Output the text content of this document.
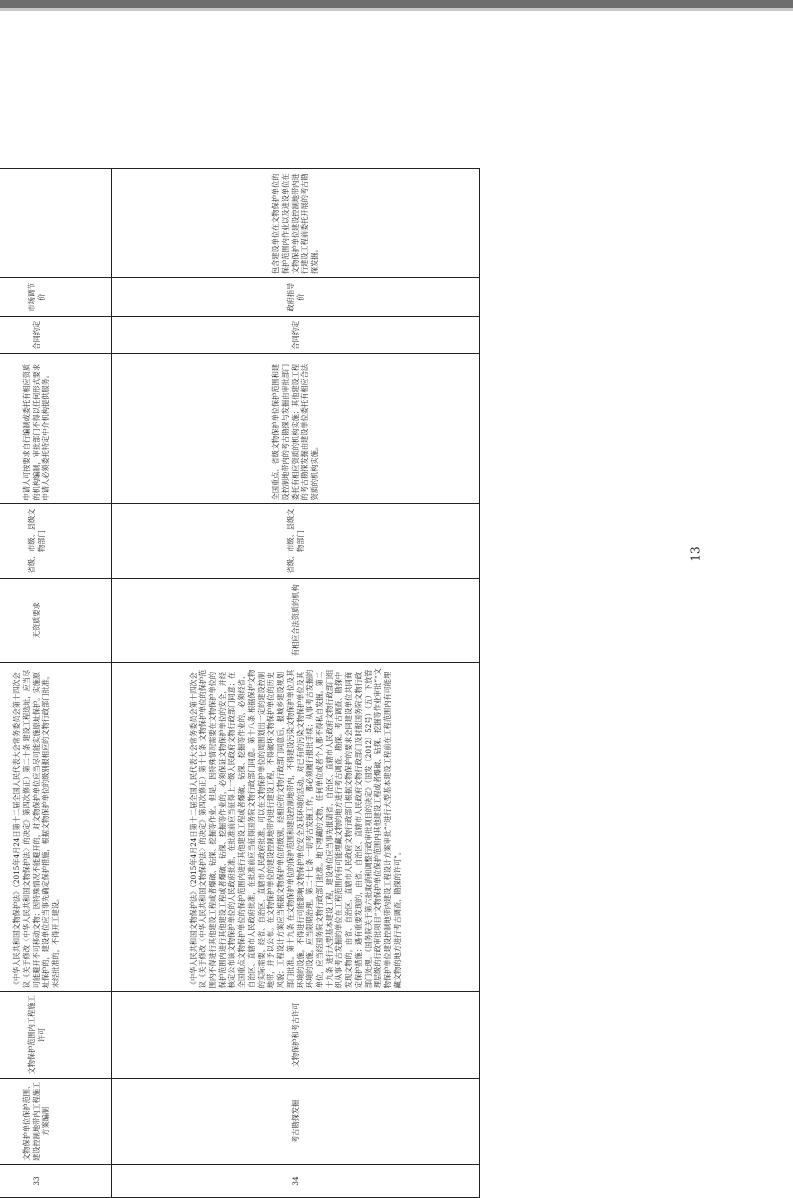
33	文物保护单位保护范围、建设控制地带内工程施工方案编制	文物保护范围内工程施工许可	《中华人民共和国文物保护法》（2015年4月24日第十二届全国人民代表大会常务委员会第十四次会议《关于修改〈中华人民共和国文物保护法〉的决定》第四次修正）第二十条 建设工程选址，应当尽可能避开不可移动文物；因特殊情况不能避开的，对文物保护单位应当尽可能实施原址保护。实施原址保护的，建设单位应当事先确定保护措施，根据文物保护单位的级别报相应的文物行政部门批准，未经批准的，不得开工建设。	无资质要求	省级、市级、县级文物部门	申请人可按要求自行编制或委托有相应资质的机构编制，审批部门不得以任何形式要求申请人必须委托特定中介机构提供服务。	合同约定	市场调节价	
34	考古勘探发掘	文物保护和考古许可	《中华人民共和国文物保护法》（2015年4月24日第十二届全国人民代表大会常务委员会第十四次会议《关于修改〈中华人民共和国文物保护法〉的决定》第四次修正）第十七条 文物保护单位的保护范围内不得进行其他建设工程或者爆破、钻探、挖掘等作业。但是，因特殊情况需要在文物保护单位的保护范围内进行其他建设工程或者爆破、钻探、挖掘等作业的，必须保证文物保护单位的安全，并经核定公布该文物保护单位的人民政府批准，在批准前应当征得上一级人民政府文物行政部门同意；在全国重点文物保护单位的保护范围内进行其他建设工程或者爆破、钻探、挖掘等作业的，必须经省、自治区、直辖市人民政府批准，在批准前应当征得国务院文物行政部门同意。第十八条 根据保护文物的实际需要，经省、自治区、直辖市人民政府批准，可以在文物保护单位的周围划出一定的建设控制地带，并予以公布。在文物保护单位的建设控制地带内进行建设工程，不得破坏文物保护单位的历史风貌；工程设计方案应当根据文物保护单位的级别，经相应的文物行政部门同意后，报城乡建设规划部门批准。第十九条 在文物保护单位的保护范围和建设控制地带内，不得建设污染文物保护单位及其环境的设施，不得进行可能影响文物保护单位安全及其环境的活动。对已有的污染文物保护单位及其环境的设施，应当限期治理。第二十七条 一切考古发掘工作，都必须履行报批手续；从事考古发掘的单位，应当经国务院文物行政部门批准。地下埋藏的文物，任何单位或者个人都不得私自发掘。第二十九条 进行大型基本建设工程，建设单位应当事先报请省、自治区、直辖市人民政府文物行政部门组织从事考古发掘的单位在工程范围内有可能埋藏文物的地方进行考古调查、勘探。考古调查、勘探中发现文物的，由省、自治区、直辖市人民政府文物行政部门根据文物保护的要求会同建设单位共同商定保护措施；遇有重要发现的，由省、自治区、直辖市人民政府文物行政部门及时报国务院文物行政部门处理。《国务院关于第六批取消和调整行政审批项目的决定》（国发〔2012〕52号）（五）下放管理层级的行政审批项目“文物保护单位保护范围内其他建设工程或者爆破、钻探、挖掘等作业审批”“文物保护单位建设控制地带内建设工程设计方案审批”“进行大型基本建设工程前在工程范围内有可能埋藏文物的地方进行考古调查、勘探的许可”。	有相应合法资质的机构	省级、市级、县级文物部门	全国重点、省级文物保护单位保护范围和建设控制地带内的考古勘探与发掘由审批部门委托有相应资质的机构实施；其他建设工程的考古勘探发掘由建设单位委托有相应合法资质的机构实施。	合同约定	政府指导价	包含建设单位在文物保护单位的保护范围内作业以及进设单位在文物保护单位建设控制地带内进行建设工程前委托开展的考古勘探发掘。
13
